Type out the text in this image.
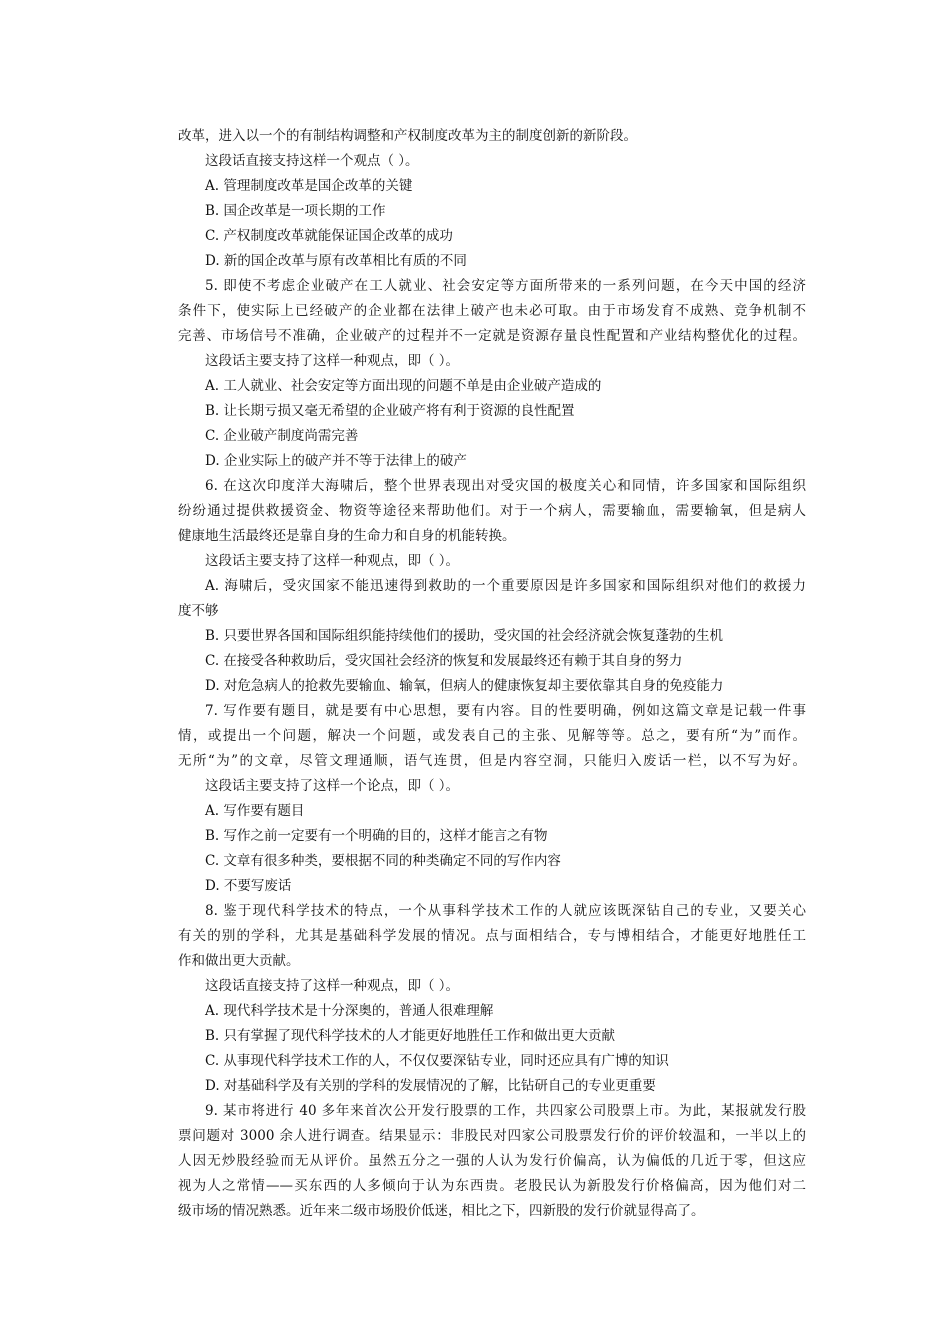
改革，进入以一个的有制结构调整和产权制度改革为主的制度创新的新阶段。
这段话直接支持这样一个观点（ ）。
A. 管理制度改革是国企改革的关键
B. 国企改革是一项长期的工作
C. 产权制度改革就能保证国企改革的成功
D. 新的国企改革与原有改革相比有质的不同
5. 即使不考虑企业破产在工人就业、社会安定等方面所带来的一系列问题，在今天中国的经济
条件下，使实际上已经破产的企业都在法律上破产也未必可取。由于市场发育不成熟、竞争机制不
完善、市场信号不准确，企业破产的过程并不一定就是资源存量良性配置和产业结构整优化的过程。
这段话主要支持了这样一种观点，即（ ）。
A. 工人就业、社会安定等方面出现的问题不单是由企业破产造成的
B. 让长期亏损又毫无希望的企业破产将有利于资源的良性配置
C. 企业破产制度尚需完善
D. 企业实际上的破产并不等于法律上的破产
6. 在这次印度洋大海啸后，整个世界表现出对受灾国的极度关心和同情，许多国家和国际组织
纷纷通过提供救援资金、物资等途径来帮助他们。对于一个病人，需要输血，需要输氧，但是病人
健康地生活最终还是靠自身的生命力和自身的机能转换。
这段话主要支持了这样一种观点，即（ ）。
A. 海啸后，受灾国家不能迅速得到救助的一个重要原因是许多国家和国际组织对他们的救援力
度不够
B. 只要世界各国和国际组织能持续他们的援助，受灾国的社会经济就会恢复蓬勃的生机
C. 在接受各种救助后，受灾国社会经济的恢复和发展最终还有赖于其自身的努力
D. 对危急病人的抢救先要输血、输氧，但病人的健康恢复却主要依靠其自身的免疫能力
7. 写作要有题目，就是要有中心思想，要有内容。目的性要明确，例如这篇文章是记载一件事
情，或提出一个问题，解决一个问题，或发表自己的主张、见解等等。总之，要有所“为”而作。
无所“为”的文章，尽管文理通顺，语气连贯，但是内容空洞，只能归入废话一栏，以不写为好。
这段话主要支持了这样一个论点，即（ ）。
A. 写作要有题目
B. 写作之前一定要有一个明确的目的，这样才能言之有物
C. 文章有很多种类，要根据不同的种类确定不同的写作内容
D. 不要写废话
8. 鉴于现代科学技术的特点，一个从事科学技术工作的人就应该既深钻自己的专业，又要关心
有关的别的学科，尤其是基础科学发展的情况。点与面相结合，专与博相结合，才能更好地胜任工
作和做出更大贡献。
这段话直接支持了这样一种观点，即（ ）。
A. 现代科学技术是十分深奥的，普通人很难理解
B. 只有掌握了现代科学技术的人才能更好地胜任工作和做出更大贡献
C. 从事现代科学技术工作的人，不仅仅要深钻专业，同时还应具有广博的知识
D. 对基础科学及有关别的学科的发展情况的了解，比钻研自己的专业更重要
9. 某市将进行 40 多年来首次公开发行股票的工作，共四家公司股票上市。为此，某报就发行股
票问题对 3000 余人进行调查。结果显示：非股民对四家公司股票发行价的评价较温和，一半以上的
人因无炒股经验而无从评价。虽然五分之一强的人认为发行价偏高，认为偏低的几近于零，但这应
视为人之常情——买东西的人多倾向于认为东西贵。老股民认为新股发行价格偏高，因为他们对二
级市场的情况熟悉。近年来二级市场股价低迷，相比之下，四新股的发行价就显得高了。
